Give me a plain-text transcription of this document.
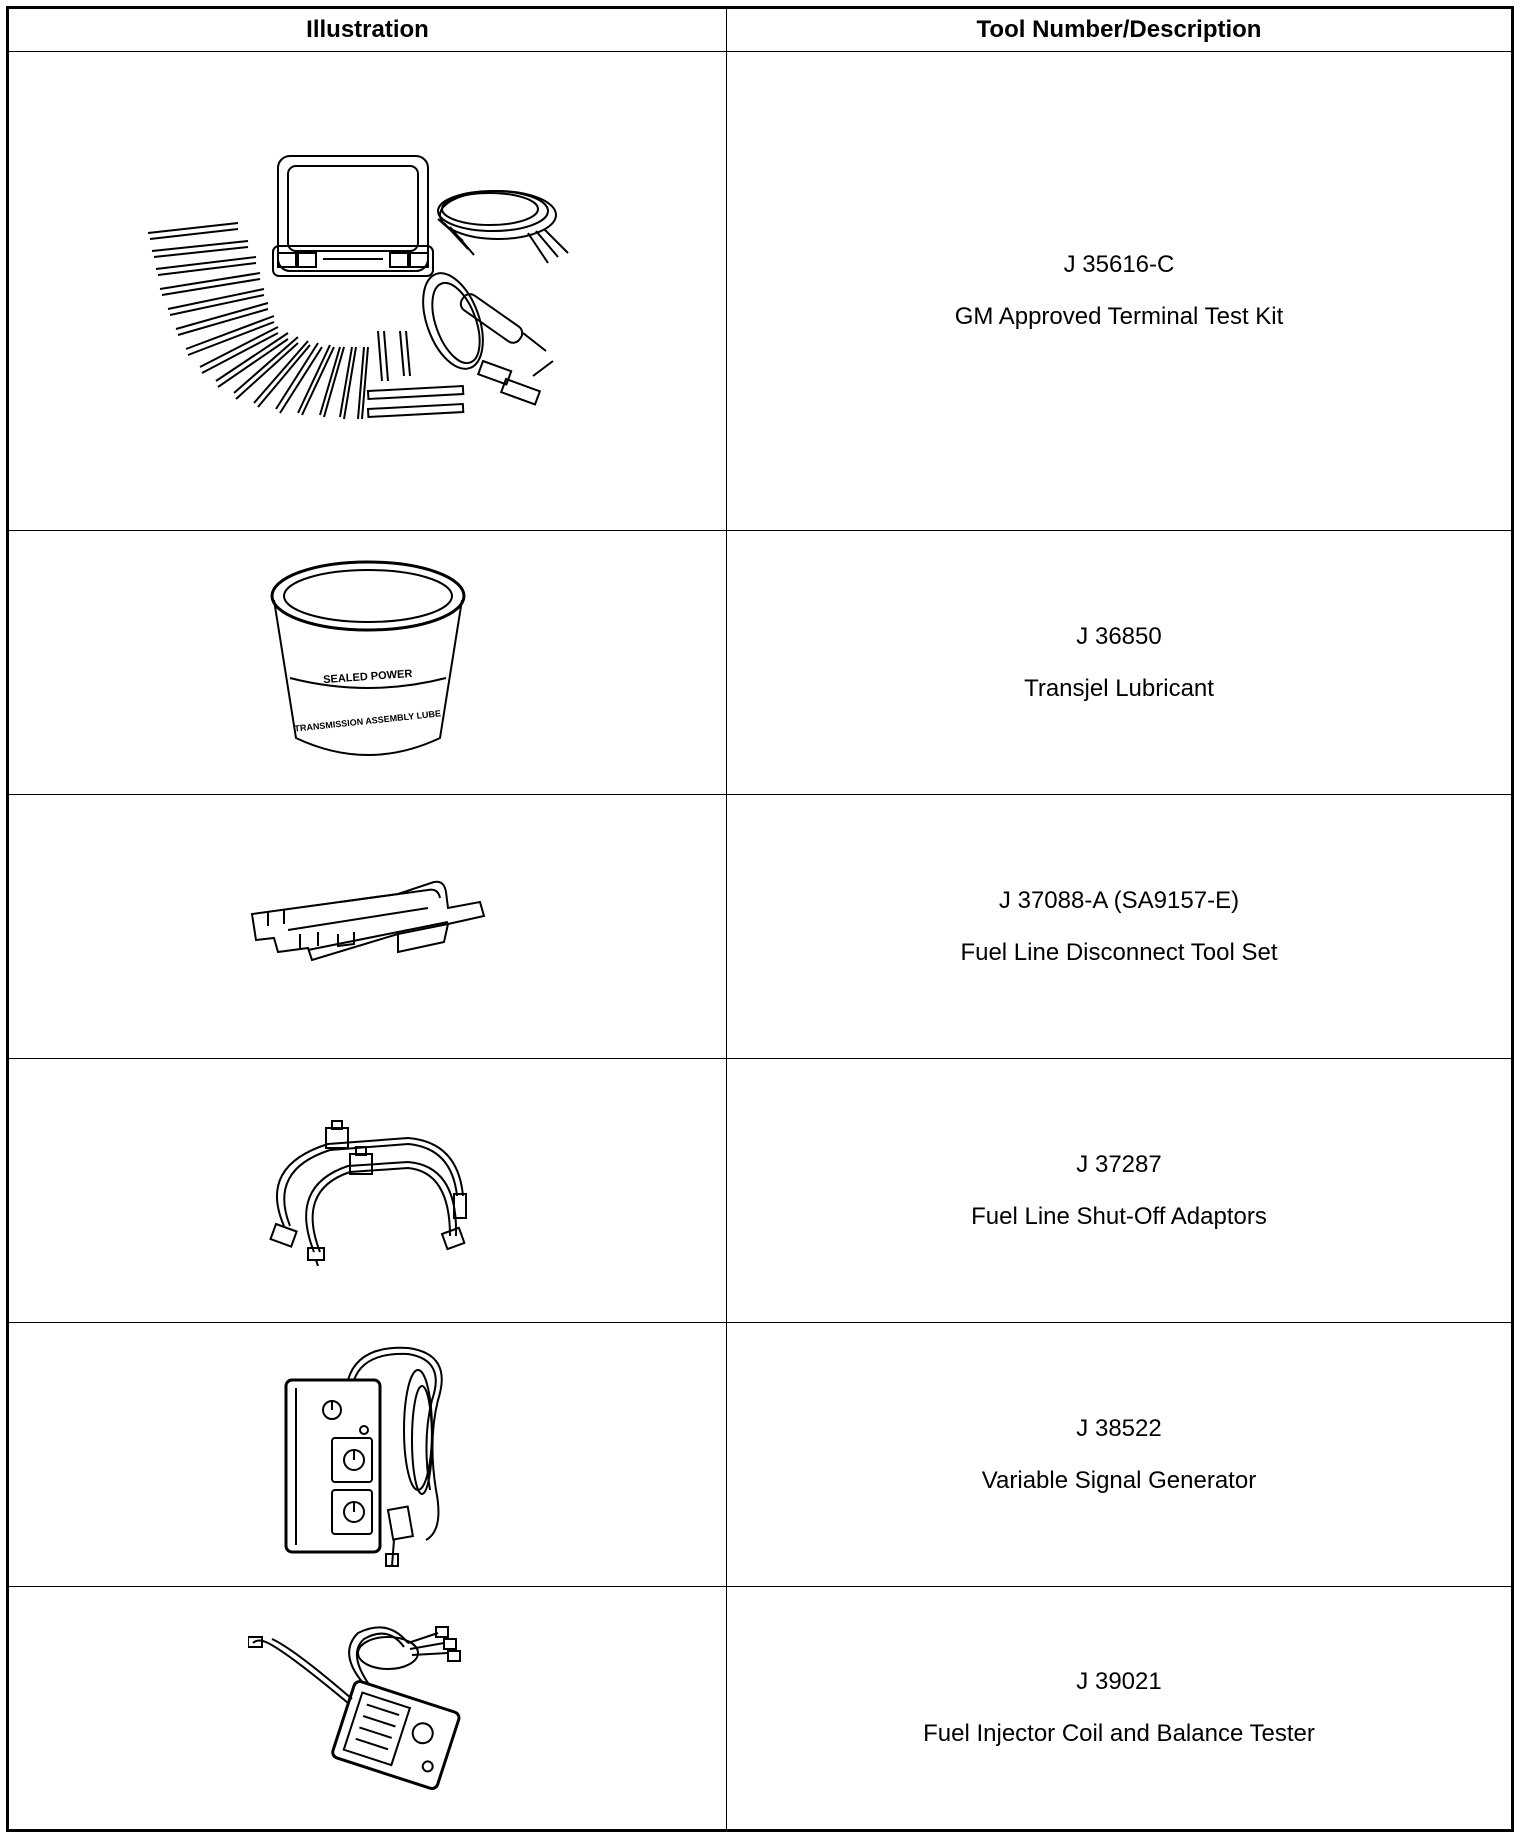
Illustration	Tool Number/Description
J 35616-C
GM Approved Terminal Test Kit
SEALED POWER
TRANSMISSION ASSEMBLY LUBE
J 36850
Transjel Lubricant
J 37088-A (SA9157-E)
Fuel Line Disconnect Tool Set
J 37287
Fuel Line Shut-Off Adaptors
J 38522
Variable Signal Generator
J 39021
Fuel Injector Coil and Balance Tester
